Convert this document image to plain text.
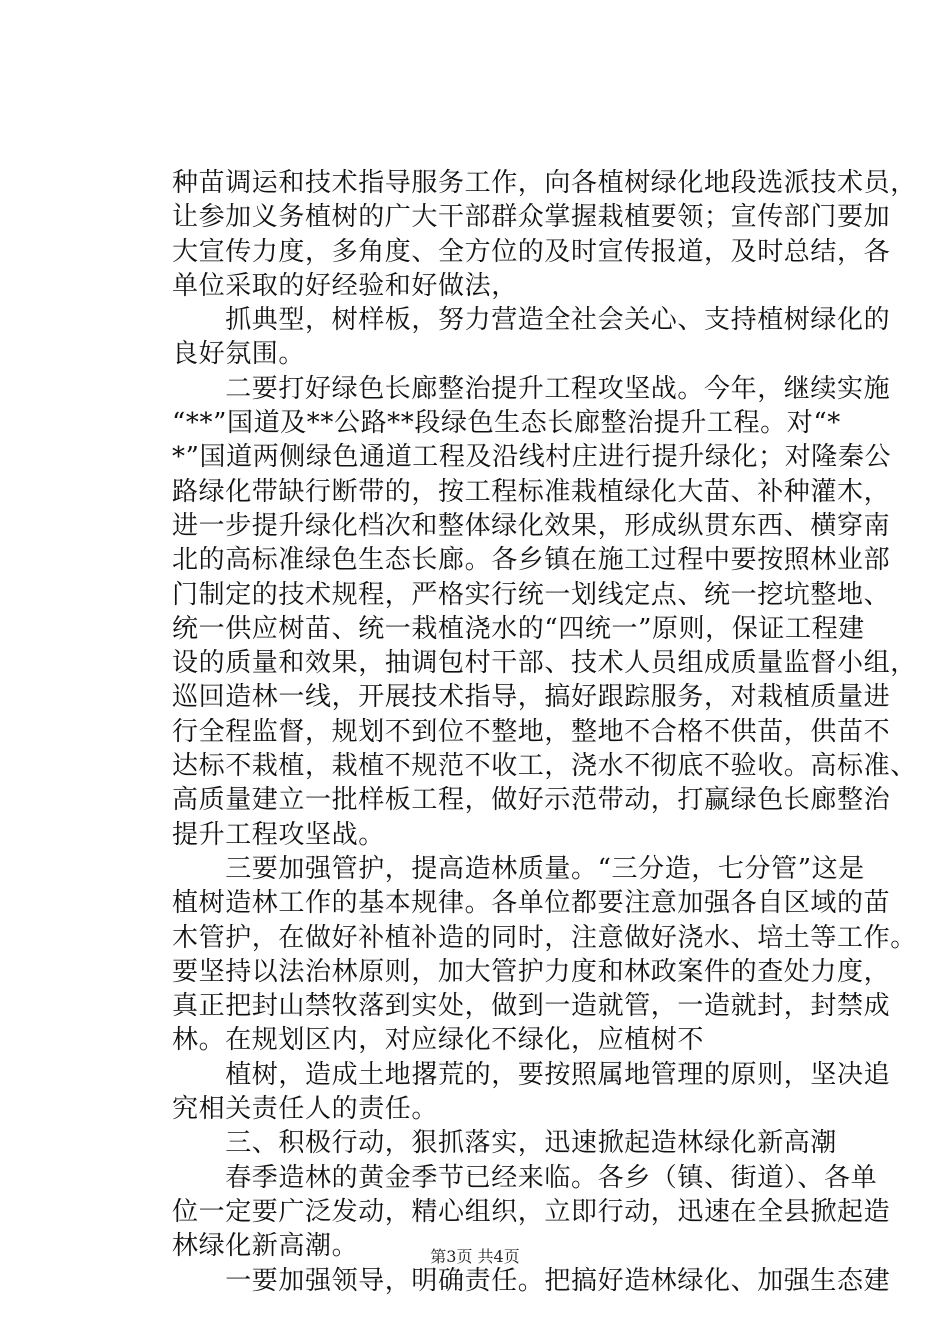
种苗调运和技术指导服务工作，向各植树绿化地段选派技术员，
让参加义务植树的广大干部群众掌握栽植要领；宣传部门要加
大宣传力度，多角度、全方位的及时宣传报道，及时总结，各
单位采取的好经验和好做法，
　　抓典型，树样板，努力营造全社会关心、支持植树绿化的
良好氛围。
　　二要打好绿色长廊整治提升工程攻坚战。今年，继续实施
“**”国道及**公路**段绿色生态长廊整治提升工程。对“*
*”国道两侧绿色通道工程及沿线村庄进行提升绿化；对隆秦公
路绿化带缺行断带的，按工程标准栽植绿化大苗、补种灌木，
进一步提升绿化档次和整体绿化效果，形成纵贯东西、横穿南
北的高标准绿色生态长廊。各乡镇在施工过程中要按照林业部
门制定的技术规程，严格实行统一划线定点、统一挖坑整地、
统一供应树苗、统一栽植浇水的“四统一”原则，保证工程建
设的质量和效果，抽调包村干部、技术人员组成质量监督小组，
巡回造林一线，开展技术指导，搞好跟踪服务，对栽植质量进
行全程监督，规划不到位不整地，整地不合格不供苗，供苗不
达标不栽植，栽植不规范不收工，浇水不彻底不验收。高标准、
高质量建立一批样板工程，做好示范带动，打赢绿色长廊整治
提升工程攻坚战。
　　三要加强管护，提高造林质量。“三分造，七分管”这是
植树造林工作的基本规律。各单位都要注意加强各自区域的苗
木管护，在做好补植补造的同时，注意做好浇水、培土等工作。
要坚持以法治林原则，加大管护力度和林政案件的查处力度，
真正把封山禁牧落到实处，做到一造就管，一造就封，封禁成
林。在规划区内，对应绿化不绿化，应植树不
　　植树，造成土地撂荒的，要按照属地管理的原则，坚决追
究相关责任人的责任。
　　三、积极行动，狠抓落实，迅速掀起造林绿化新高潮
　　春季造林的黄金季节已经来临。各乡（镇、街道）、各单
位一定要广泛发动，精心组织，立即行动，迅速在全县掀起造
林绿化新高潮。
　　一要加强领导，明确责任。把搞好造林绿化、加强生态建
第3页 共4页
